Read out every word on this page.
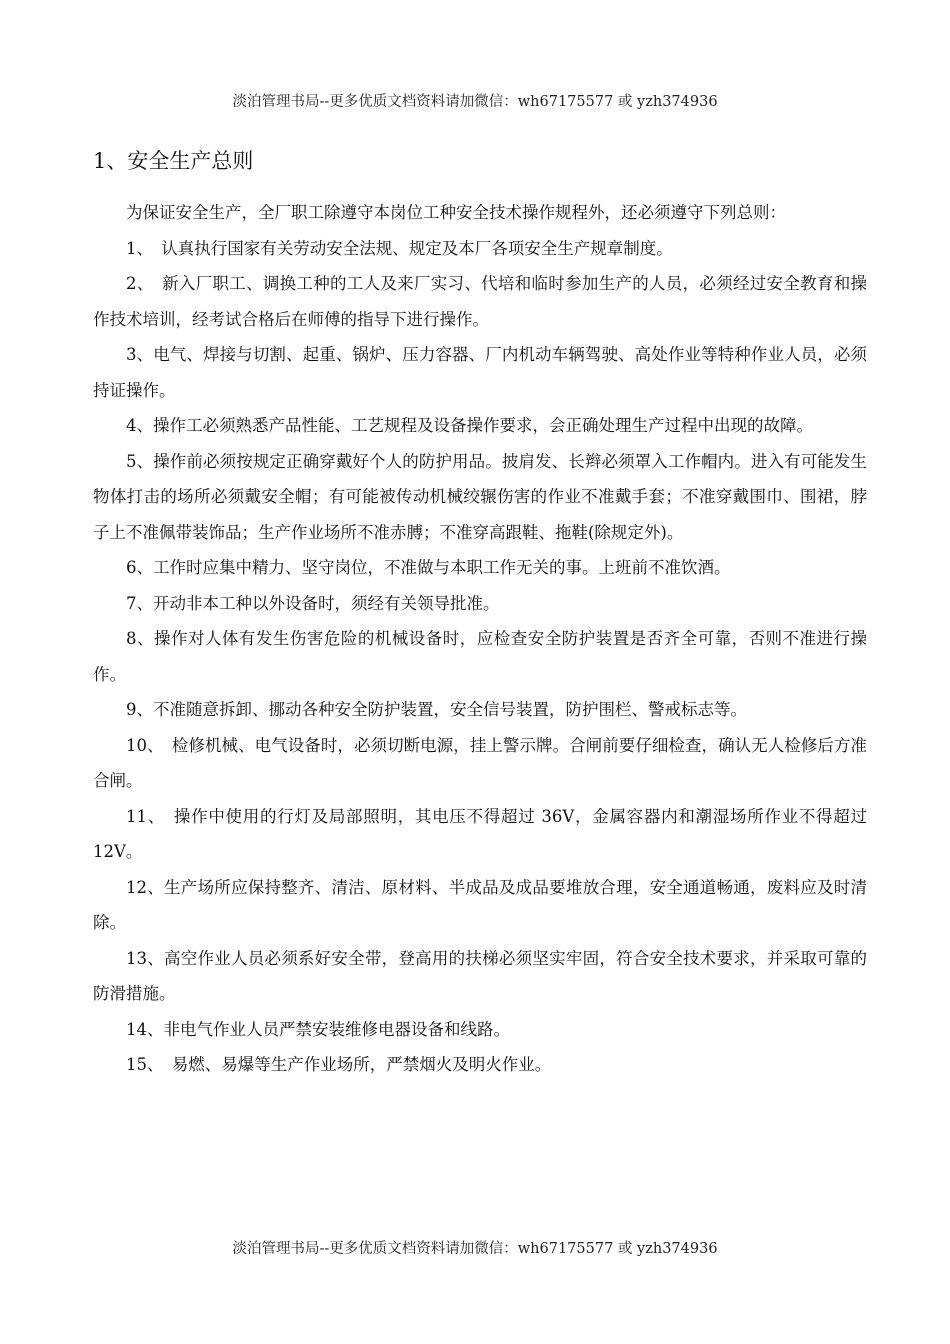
淡泊管理书局--更多优质文档资料请加微信：wh67175577 或 yzh374936
1、安全生产总则

为保证安全生产，全厂职工除遵守本岗位工种安全技术操作规程外，还必须遵守下列总则：

1、　认真执行国家有关劳动安全法规、规定及本厂各项安全生产规章制度。

2、　新入厂职工、调换工种的工人及来厂实习、代培和临时参加生产的人员，必须经过安全教育和操作技术培训，经考试合格后在师傅的指导下进行操作。

3、电气、焊接与切割、起重、锅炉、压力容器、厂内机动车辆驾驶、高处作业等特种作业人员，必须持证操作。

4、操作工必须熟悉产品性能、工艺规程及设备操作要求，会正确处理生产过程中出现的故障。

5、操作前必须按规定正确穿戴好个人的防护用品。披肩发、长辫必须罩入工作帽内。进入有可能发生物体打击的场所必须戴安全帽；有可能被传动机械绞辗伤害的作业不准戴手套；不准穿戴围巾、围裙，脖子上不准佩带装饰品；生产作业场所不准赤膊；不准穿高跟鞋、拖鞋(除规定外)。

6、工作时应集中精力、坚守岗位，不准做与本职工作无关的事。上班前不准饮酒。

7、开动非本工种以外设备时，须经有关领导批准。

8、操作对人体有发生伤害危险的机械设备时，应检查安全防护装置是否齐全可靠，否则不准进行操作。

9、不准随意拆卸、挪动各种安全防护装置，安全信号装置，防护围栏、警戒标志等。

10、　检修机械、电气设备时，必须切断电源，挂上警示牌。合闸前要仔细检查，确认无人检修后方准合闸。

11、　操作中使用的行灯及局部照明，其电压不得超过 36V，金属容器内和潮湿场所作业不得超过 12V。

12、生产场所应保持整齐、清洁、原材料、半成品及成品要堆放合理，安全通道畅通，废料应及时清除。

13、高空作业人员必须系好安全带，登高用的扶梯必须坚实牢固，符合安全技术要求，并采取可靠的防滑措施。

14、非电气作业人员严禁安装维修电器设备和线路。

15、　易燃、易爆等生产作业场所，严禁烟火及明火作业。

淡泊管理书局--更多优质文档资料请加微信：wh67175577 或 yzh374936
